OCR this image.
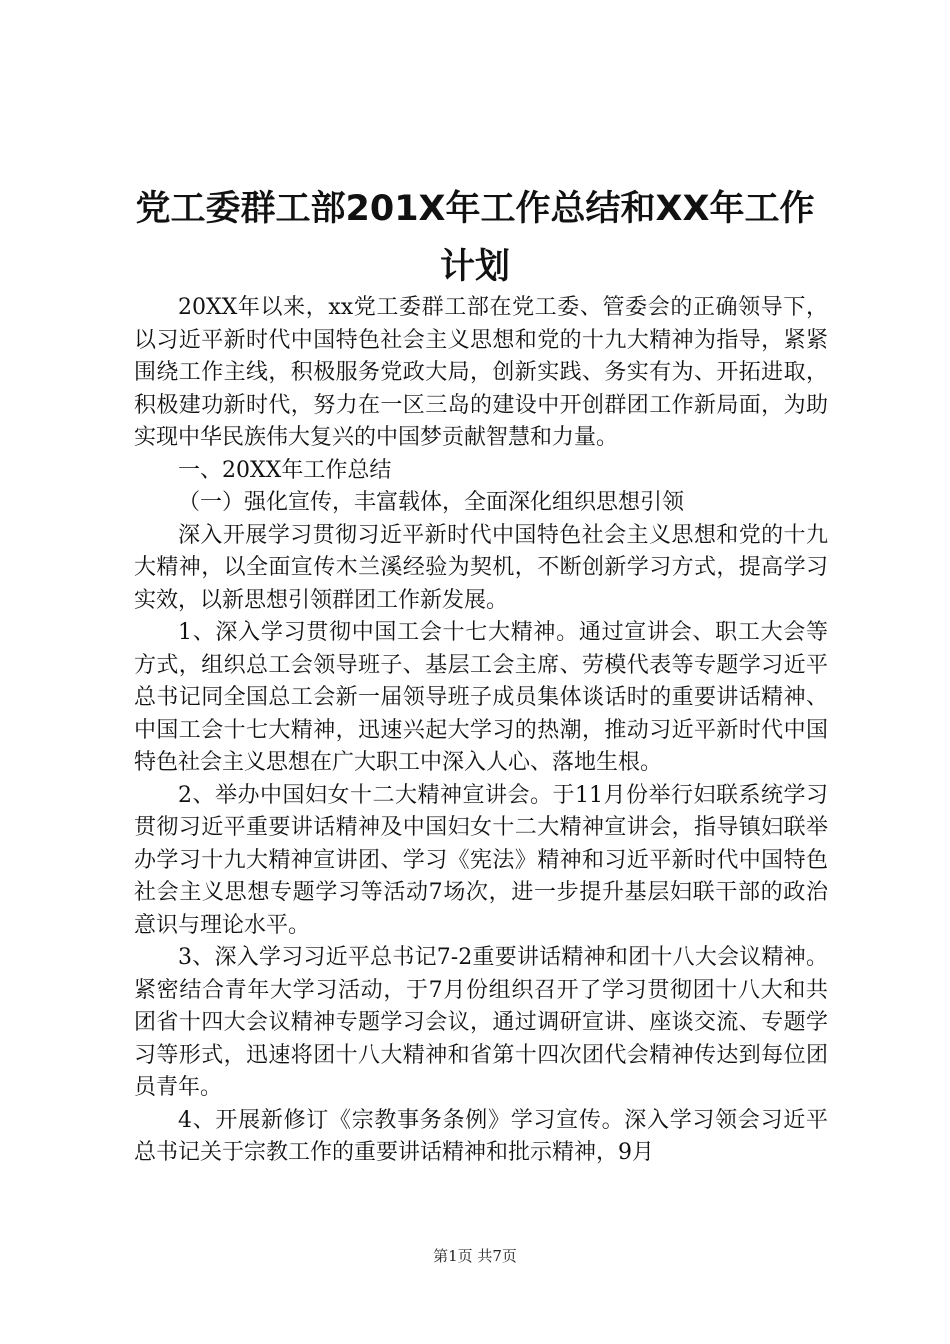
党工委群工部201X年工作总结和XX年工作计划

20XX年以来，xx党工委群工部在党工委、管委会的正确领导下，以习近平新时代中国特色社会主义思想和党的十九大精神为指导，紧紧围绕工作主线，积极服务党政大局，创新实践、务实有为、开拓进取，积极建功新时代，努力在一区三岛的建设中开创群团工作新局面，为助实现中华民族伟大复兴的中国梦贡献智慧和力量。

一、20XX年工作总结

（一）强化宣传，丰富载体，全面深化组织思想引领

深入开展学习贯彻习近平新时代中国特色社会主义思想和党的十九大精神，以全面宣传木兰溪经验为契机，不断创新学习方式，提高学习实效，以新思想引领群团工作新发展。

1、深入学习贯彻中国工会十七大精神。通过宣讲会、职工大会等方式，组织总工会领导班子、基层工会主席、劳模代表等专题学习近平总书记同全国总工会新一届领导班子成员集体谈话时的重要讲话精神、中国工会十七大精神，迅速兴起大学习的热潮，推动习近平新时代中国特色社会主义思想在广大职工中深入人心、落地生根。

2、举办中国妇女十二大精神宣讲会。于11月份举行妇联系统学习贯彻习近平重要讲话精神及中国妇女十二大精神宣讲会，指导镇妇联举办学习十九大精神宣讲团、学习《宪法》精神和习近平新时代中国特色社会主义思想专题学习等活动7场次，进一步提升基层妇联干部的政治意识与理论水平。

3、深入学习习近平总书记7-2重要讲话精神和团十八大会议精神。紧密结合青年大学习活动，于7月份组织召开了学习贯彻团十八大和共团省十四大会议精神专题学习会议，通过调研宣讲、座谈交流、专题学习等形式，迅速将团十八大精神和省第十四次团代会精神传达到每位团员青年。

4、开展新修订《宗教事务条例》学习宣传。深入学习领会习近平总书记关于宗教工作的重要讲话精神和批示精神，9月

第1页 共7页
